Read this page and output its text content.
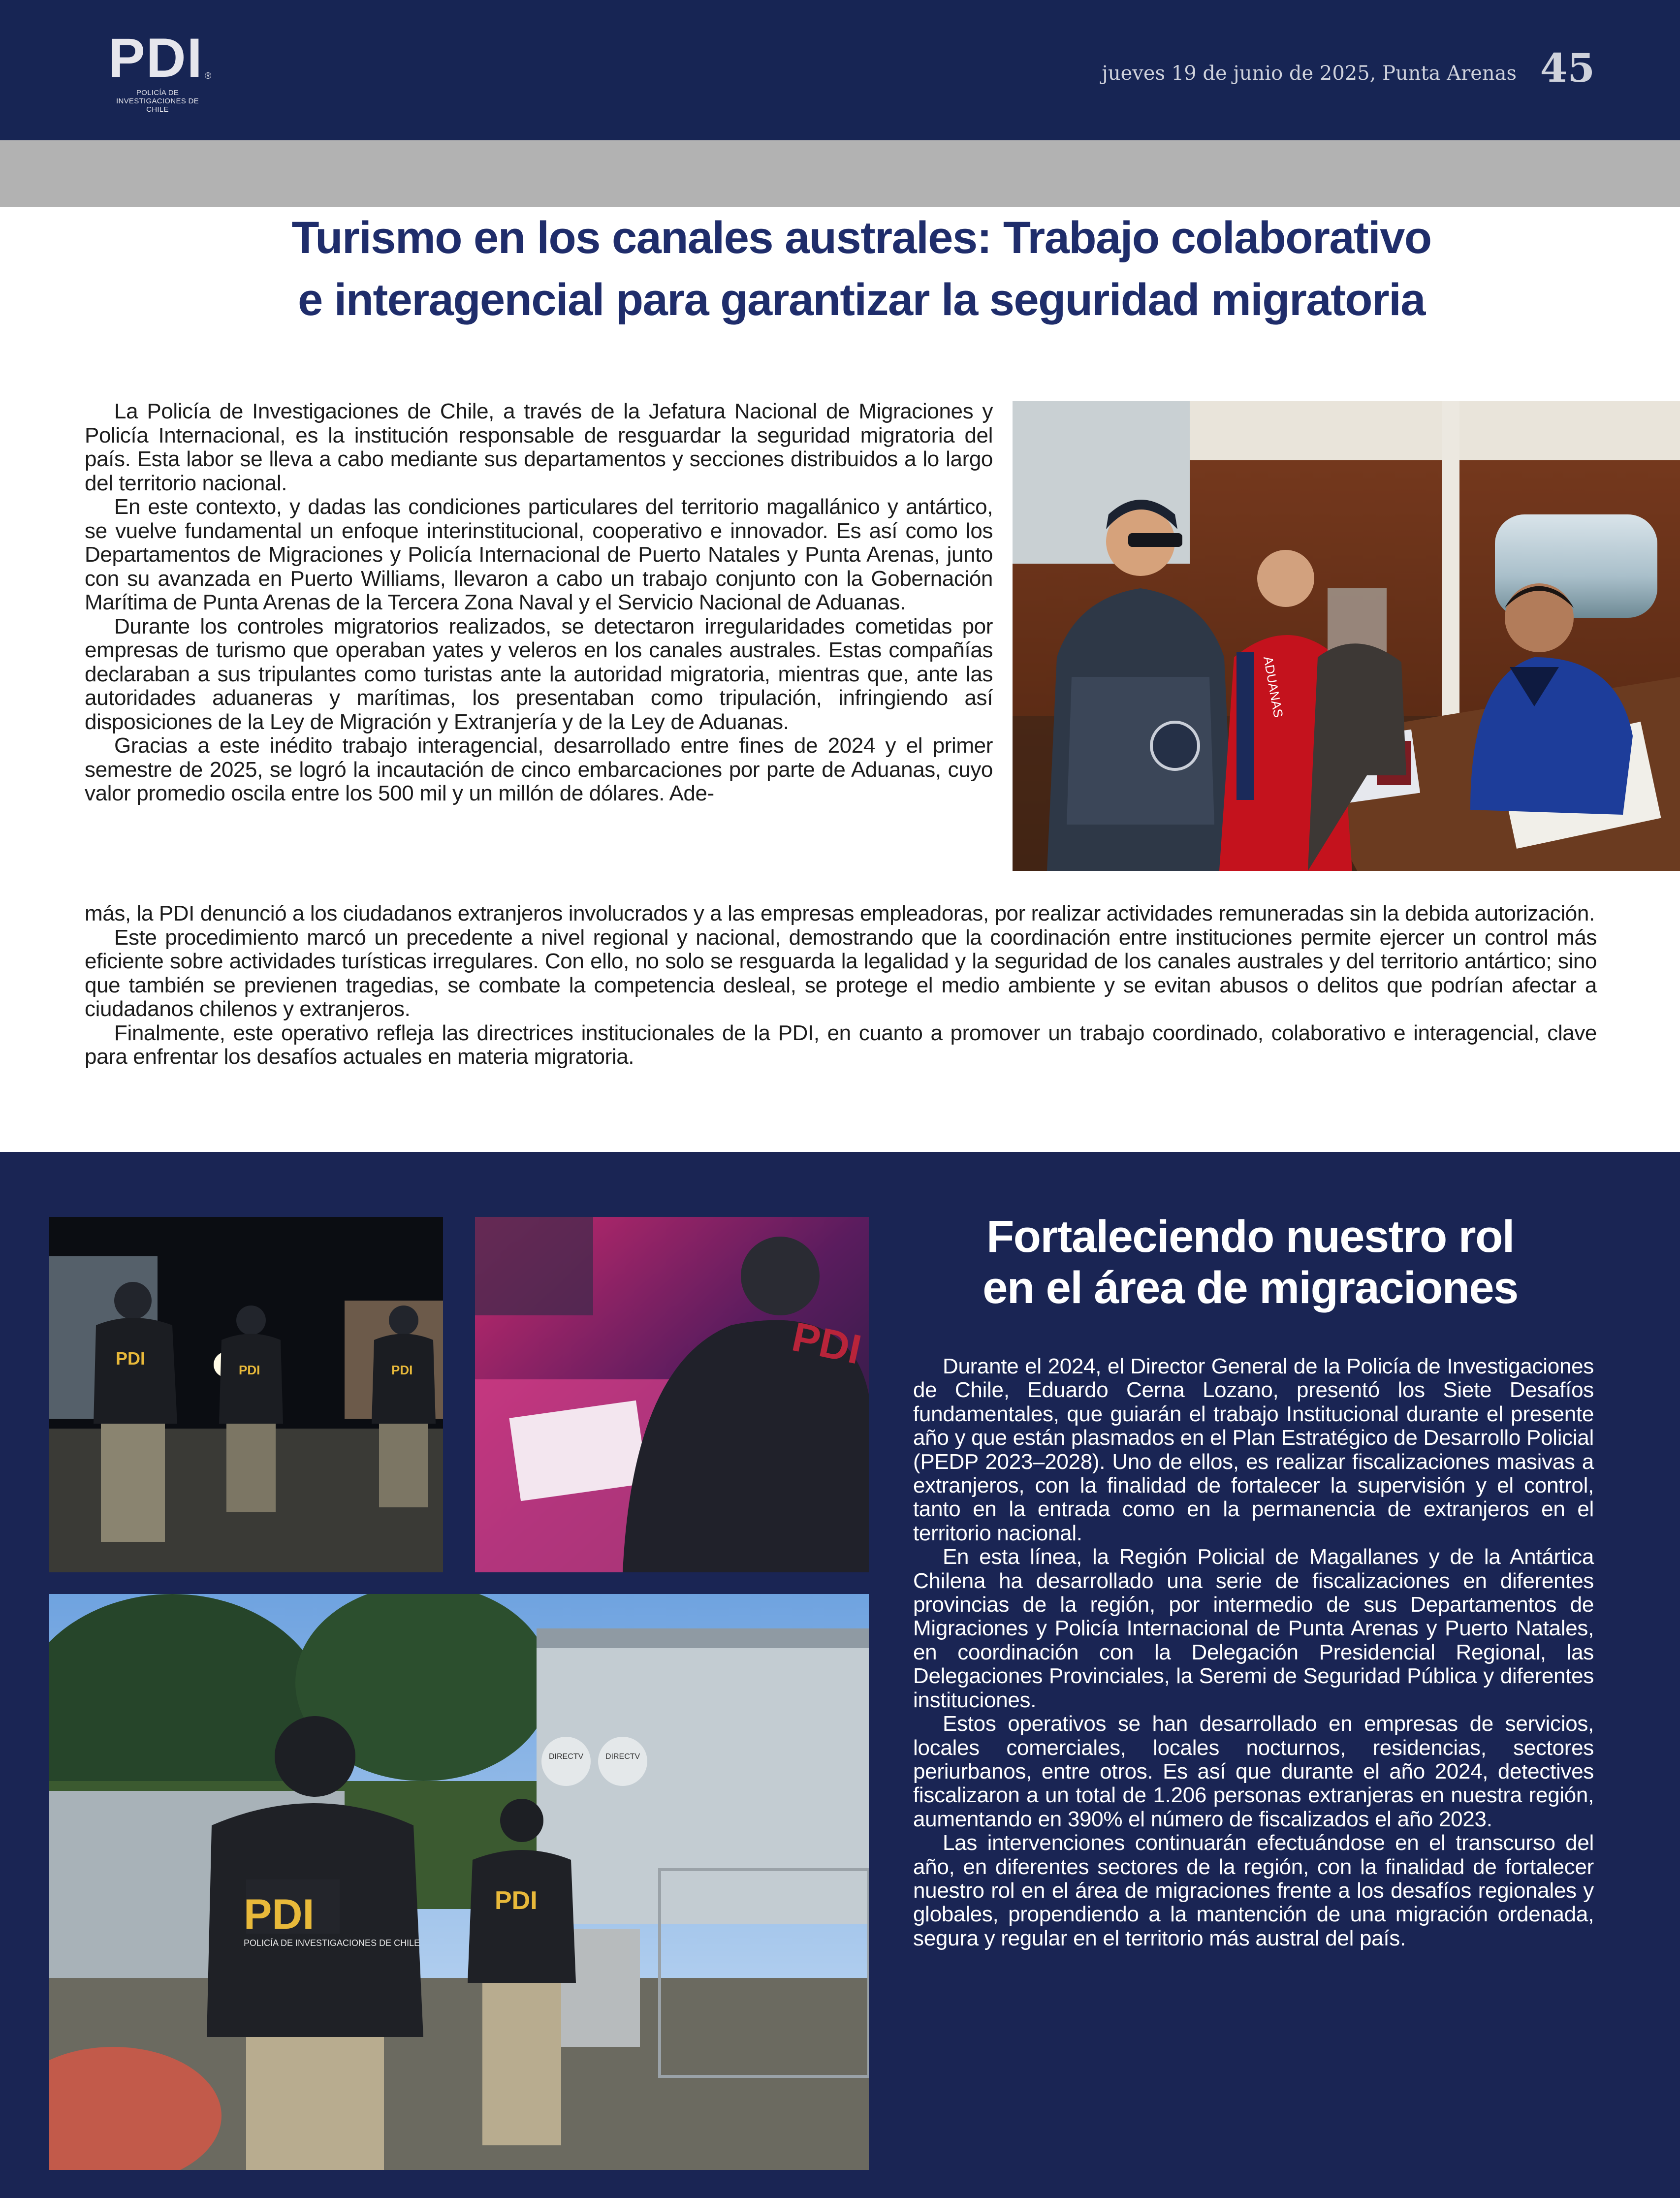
PDI ®
POLICÍA DE INVESTIGACIONES DE CHILE
jueves 19 de junio de 2025, Punta Arenas 45
Turismo en los canales australes: Trabajo colaborativo
e interagencial para garantizar la seguridad migratoria
ADUANAS

La Policía de Investigaciones de Chile, a través de la Jefatura Nacional de Migraciones y Policía Internacional, es la institución responsable de resguardar la seguridad migratoria del país. Esta labor se lleva a cabo mediante sus departamentos y secciones distribuidos a lo largo del territorio nacional.

En este contexto, y dadas las condiciones particulares del territorio magallánico y antártico, se vuelve fundamental un enfoque interinstitucional, cooperativo e innovador. Es así como los Departamentos de Migraciones y Policía Internacional de Puerto Natales y Punta Arenas, junto con su avanzada en Puerto Williams, llevaron a cabo un trabajo conjunto con la Gobernación Marítima de Punta Arenas de la Tercera Zona Naval y el Servicio Nacional de Aduanas.

Durante los controles migratorios realizados, se detectaron irregularidades cometidas por empresas de turismo que operaban yates y veleros en los canales australes. Estas compañías declaraban a sus tripulantes como turistas ante la autoridad migratoria, mientras que, ante las autoridades aduaneras y marítimas, los presentaban como tripulación, infringiendo así disposiciones de la Ley de Migración y Extranjería y de la Ley de Aduanas.

Gracias a este inédito trabajo interagencial, desarrollado entre fines de 2024 y el primer semestre de 2025, se logró la incautación de cinco embarcaciones por parte de Aduanas, cuyo valor promedio oscila entre los 500 mil y un millón de dólares. Ade-

más, la PDI denunció a los ciudadanos extranjeros involucrados y a las empresas empleadoras, por realizar actividades remuneradas sin la debida autorización.

Este procedimiento marcó un precedente a nivel regional y nacional, demostrando que la coordinación entre instituciones permite ejercer un control más eficiente sobre actividades turísticas irregulares. Con ello, no solo se resguarda la legalidad y la seguridad de los canales australes y del territorio antártico; sino que también se previenen tragedias, se combate la competencia desleal, se protege el medio ambiente y se evitan abusos o delitos que podrían afectar a ciudadanos chilenos y extranjeros.

Finalmente, este operativo refleja las directrices institucionales de la PDI, en cuanto a promover un trabajo coordinado, colaborativo e interagencial, clave para enfrentar los desafíos actuales en materia migratoria.

PDI
PDI	PDI	PDI
DIRECTV	DIRECTV
PDI
POLICÍA DE INVESTIGACIONES DE CHILE
PDI
Fortaleciendo nuestro rol
en el área de migraciones

Durante el 2024, el Director General de la Policía de Investigaciones de Chile, Eduardo Cerna Lozano, presentó los Siete Desafíos fundamentales, que guiarán el trabajo Institucional durante el presente año y que están plasmados en el Plan Estratégico de Desarrollo Policial (PEDP 2023–2028). Uno de ellos, es realizar fiscalizaciones masivas a extranjeros, con la finalidad de fortalecer la supervisión y el control, tanto en la entrada como en la permanencia de extranjeros en el territorio nacional.

En esta línea, la Región Policial de Magallanes y de la Antártica Chilena ha desarrollado una serie de fiscalizaciones en diferentes provincias de la región, por intermedio de sus Departamentos de Migraciones y Policía Internacional de Punta Arenas y Puerto Natales, en coordinación con la Delegación Presidencial Regional, las Delegaciones Provinciales, la Seremi de Seguridad Pública y diferentes instituciones.

Estos operativos se han desarrollado en empresas de servicios, locales comerciales, locales nocturnos, residencias, sectores periurbanos, entre otros. Es así que durante el año 2024, detectives fiscalizaron a un total de 1.206 personas extranjeras en nuestra región, aumentando en 390% el número de fiscalizados el año 2023.

Las intervenciones continuarán efectuándose en el transcurso del año, en diferentes sectores de la región, con la finalidad de fortalecer nuestro rol en el área de migraciones frente a los desafíos regionales y globales, propendiendo a la mantención de una migración ordenada, segura y regular en el territorio más austral del país.
